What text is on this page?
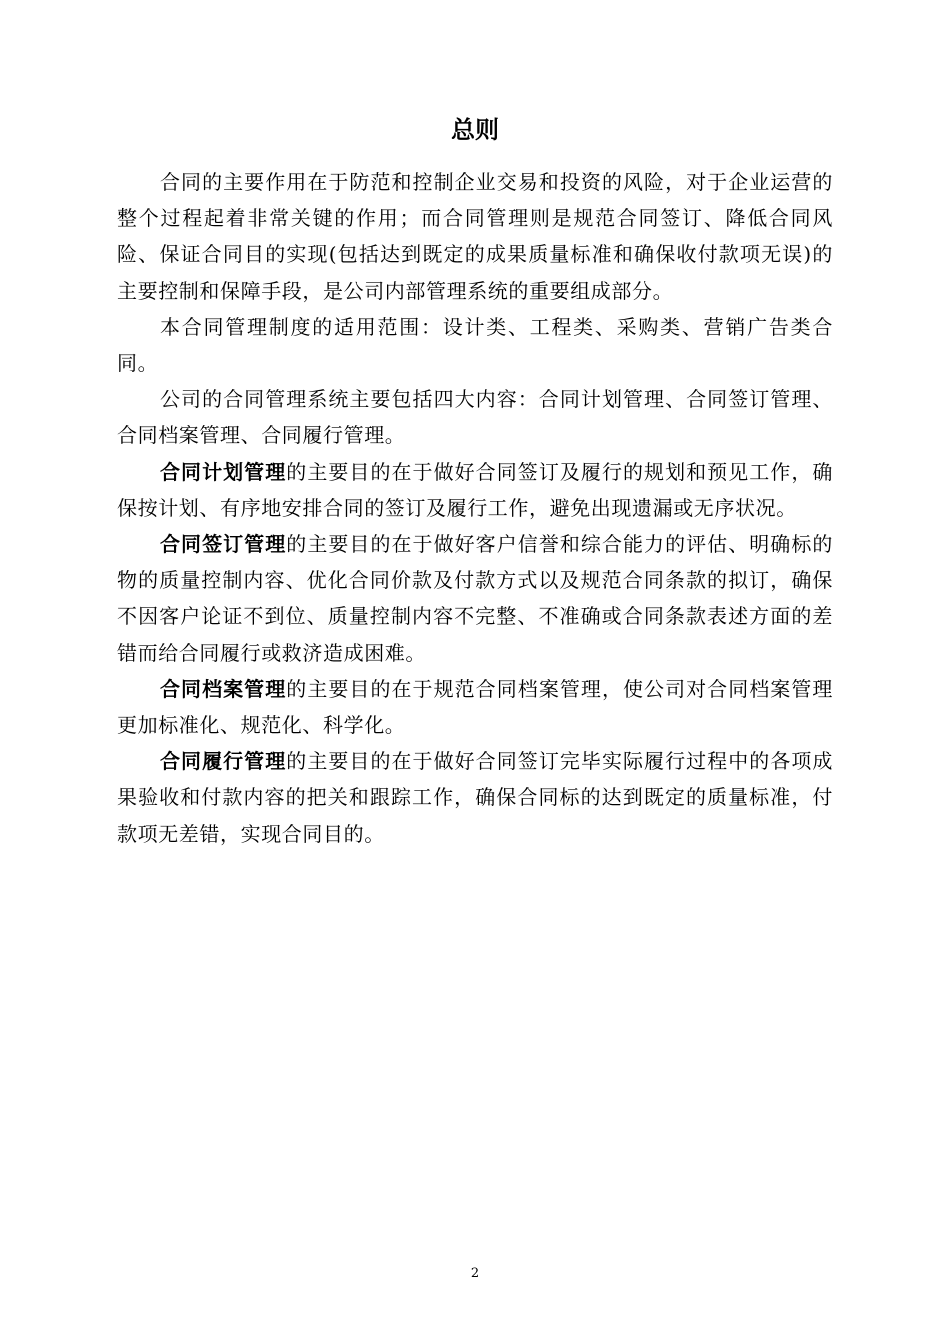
总则

合同的主要作用在于防范和控制企业交易和投资的风险，对于企业运营的整个过程起着非常关键的作用；而合同管理则是规范合同签订、降低合同风险、保证合同目的实现(包括达到既定的成果质量标准和确保收付款项无误)的主要控制和保障手段，是公司内部管理系统的重要组成部分。

本合同管理制度的适用范围：设计类、工程类、采购类、营销广告类合同。

公司的合同管理系统主要包括四大内容：合同计划管理、合同签订管理、合同档案管理、合同履行管理。

合同计划管理的主要目的在于做好合同签订及履行的规划和预见工作，确保按计划、有序地安排合同的签订及履行工作，避免出现遗漏或无序状况。

合同签订管理的主要目的在于做好客户信誉和综合能力的评估、明确标的物的质量控制内容、优化合同价款及付款方式以及规范合同条款的拟订，确保不因客户论证不到位、质量控制内容不完整、不准确或合同条款表述方面的差错而给合同履行或救济造成困难。

合同档案管理的主要目的在于规范合同档案管理，使公司对合同档案管理更加标准化、规范化、科学化。

合同履行管理的主要目的在于做好合同签订完毕实际履行过程中的各项成果验收和付款内容的把关和跟踪工作，确保合同标的达到既定的质量标准，付款项无差错，实现合同目的。

2
